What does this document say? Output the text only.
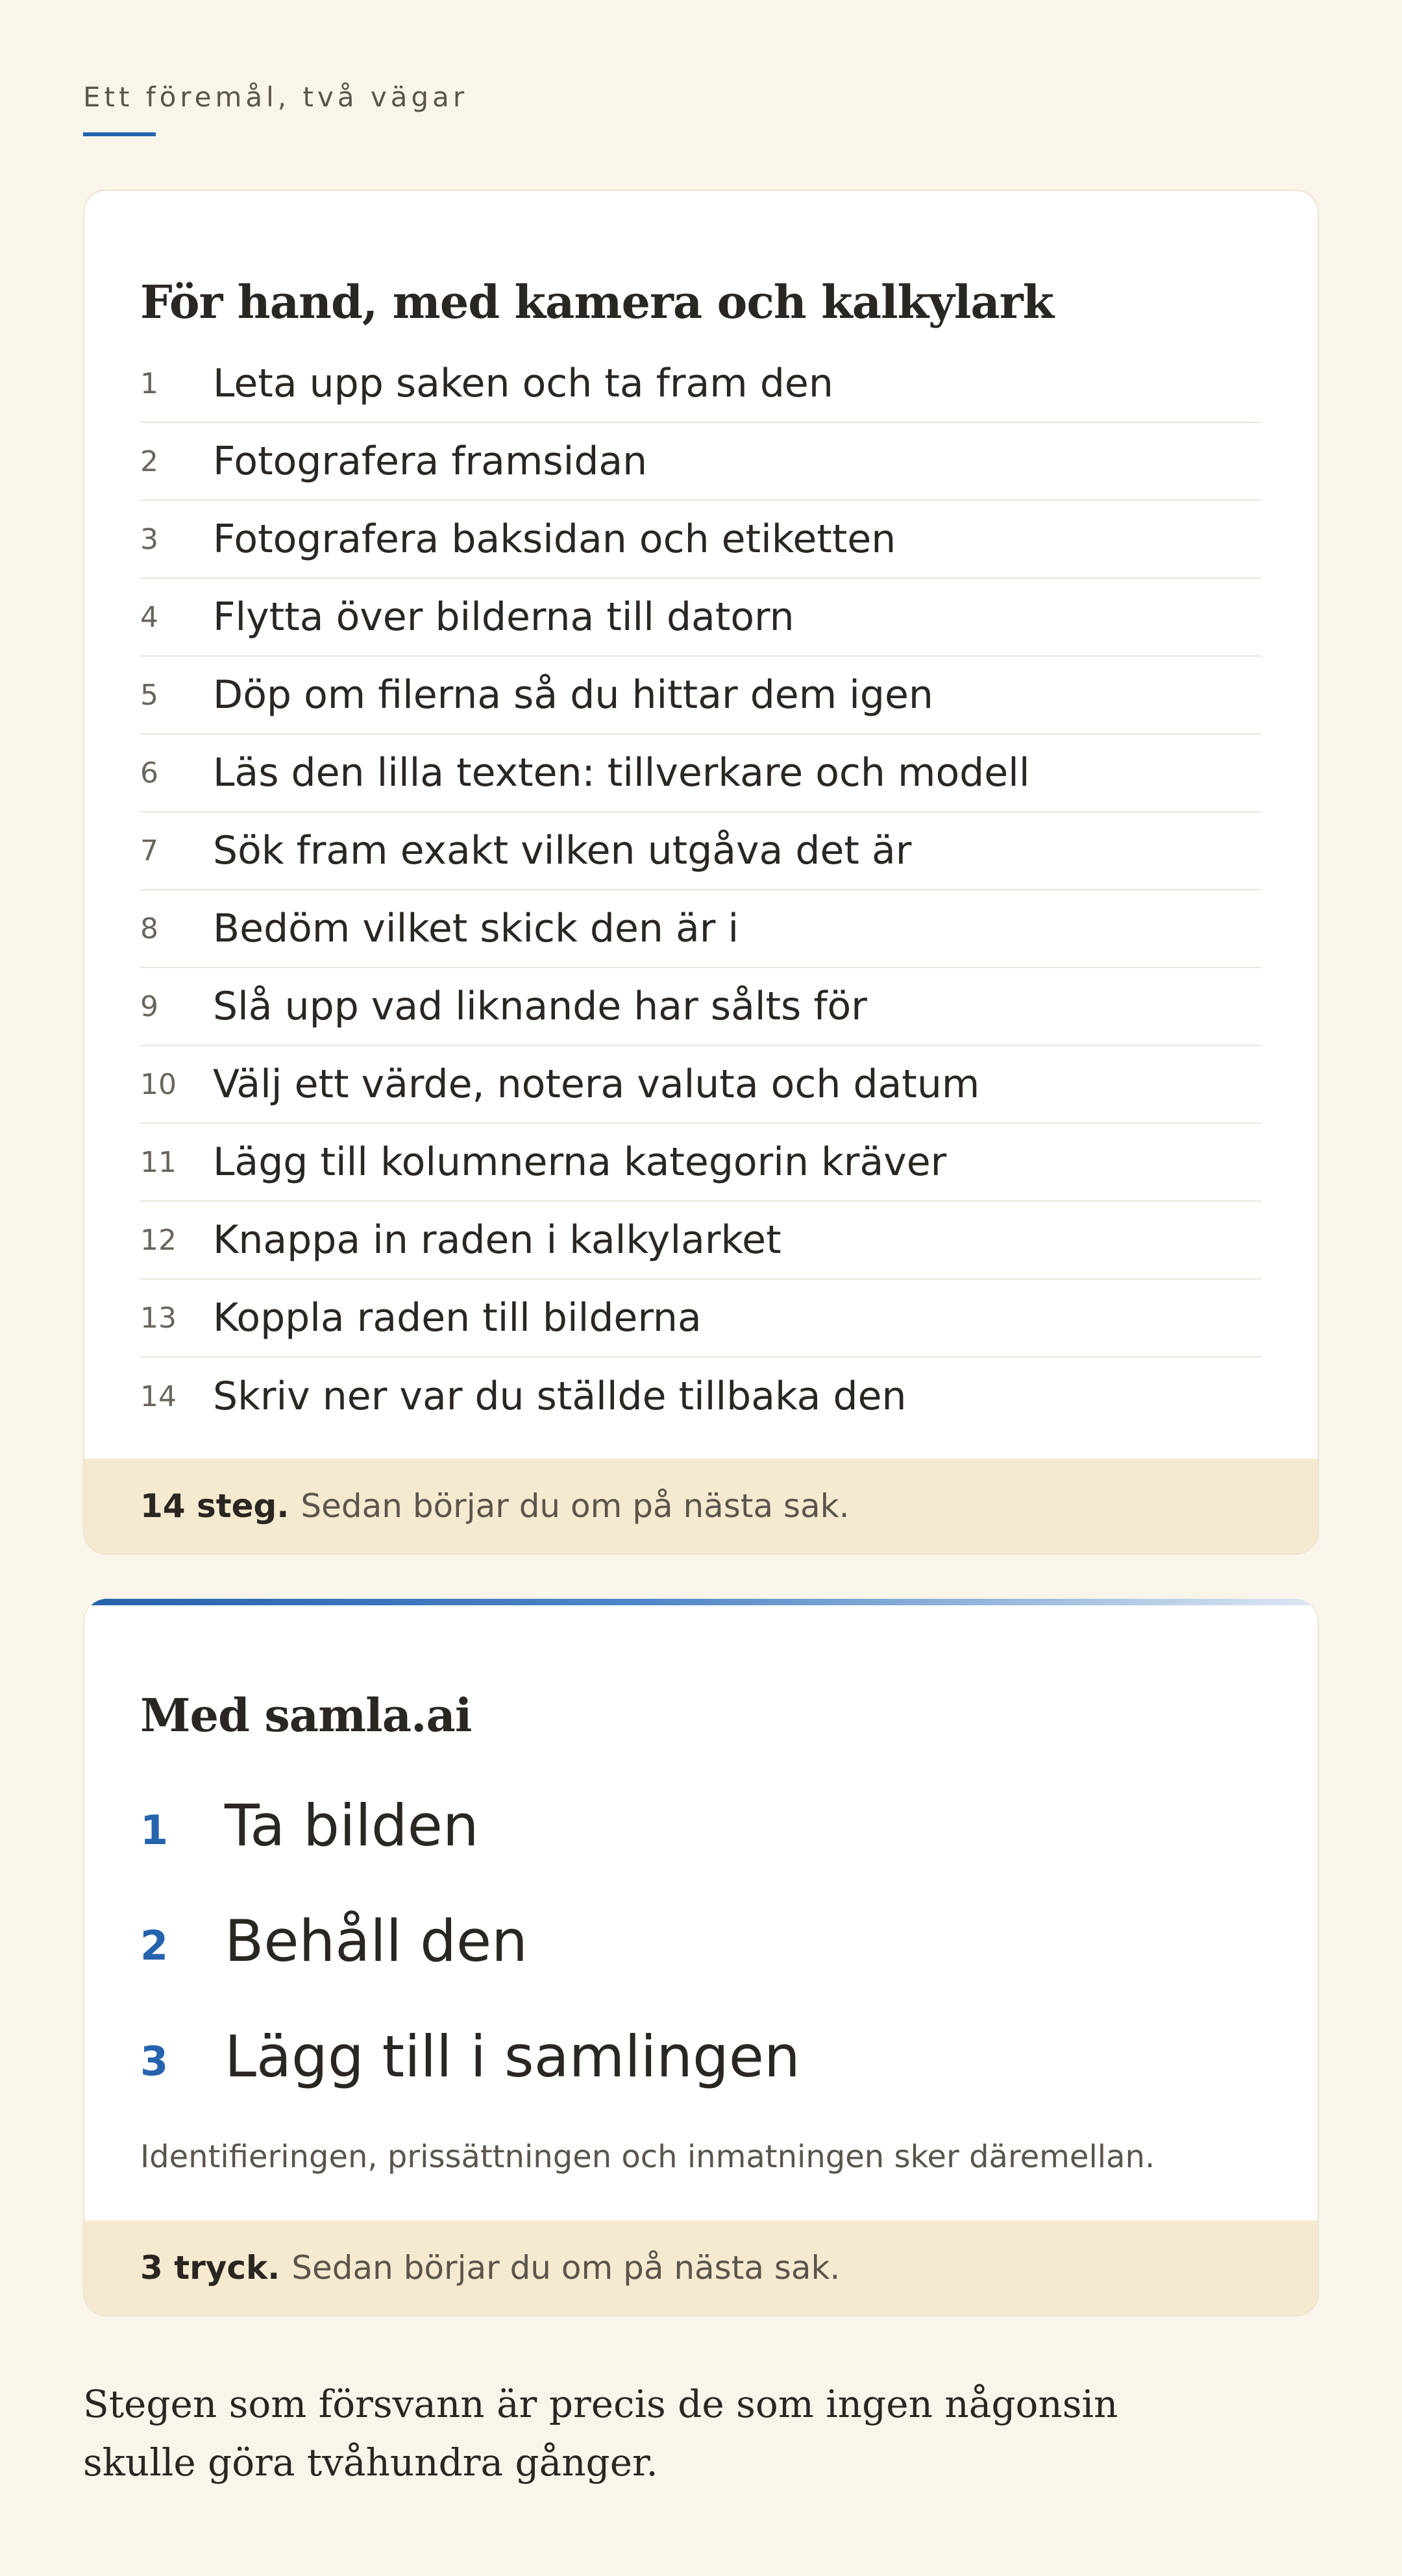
Ett föremål, två vägar
För hand, med kamera och kalkylark
1	Leta upp saken och ta fram den
2	Fotografera framsidan
3	Fotografera baksidan och etiketten
4	Flytta över bilderna till datorn
5	Döp om filerna så du hittar dem igen
6	Läs den lilla texten: tillverkare och modell
7	Sök fram exakt vilken utgåva det är
8	Bedöm vilket skick den är i
9	Slå upp vad liknande har sålts för
10 Välj ett värde, notera valuta och datum
11 Lägg till kolumnerna kategorin kräver
12 Knappa in raden i kalkylarket
13 Koppla raden till bilderna
14 Skriv ner var du ställde tillbaka den
14 steg. Sedan börjar du om på nästa sak.
Med samla.ai
1 Ta bilden
2 Behåll den
3 Lägg till i samlingen

Identifieringen, prissättningen och inmatningen sker däremellan.

3 tryck. Sedan börjar du om på nästa sak.

Stegen som försvann är precis de som ingen någonsin skulle göra tvåhundra gånger.
